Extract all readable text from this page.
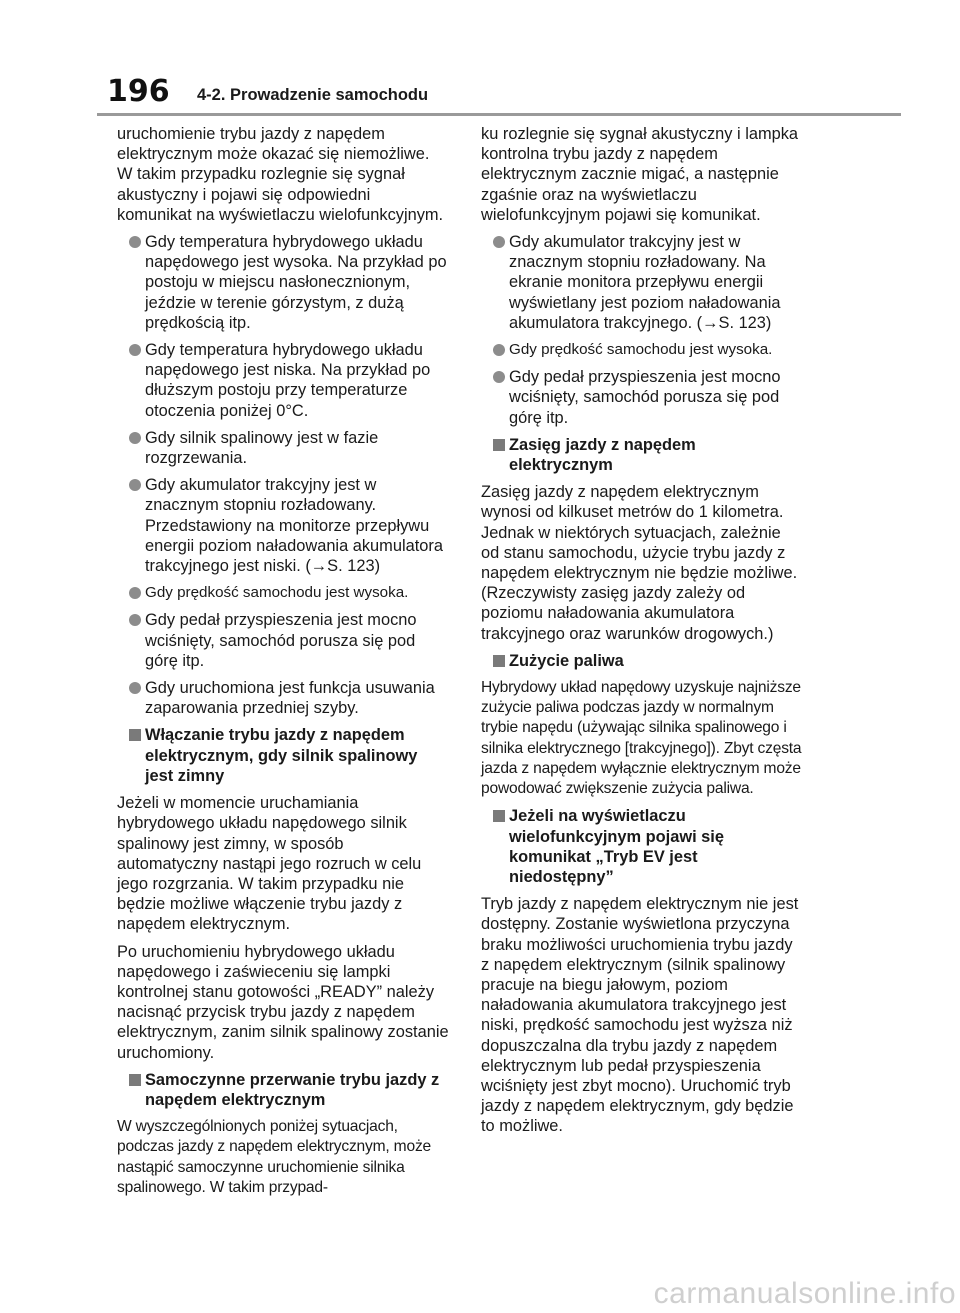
196 4-2. Prowadzenie samochodu

uruchomienie trybu jazdy z napędem elektrycznym może okazać się niemożliwe. W takim przypadku rozlegnie się sygnał akustyczny i pojawi się odpowiedni komunikat na wyświetlaczu wielofunkcyjnym.

Gdy temperatura hybrydowego układu napędowego jest wysoka. Na przykład po postoju w miejscu nasłonecznionym, jeździe w terenie górzystym, z dużą prędkością itp.
Gdy temperatura hybrydowego układu napędowego jest niska. Na przykład po dłuższym postoju przy temperaturze otoczenia poniżej 0°C.
Gdy silnik spalinowy jest w fazie rozgrzewania.
Gdy akumulator trakcyjny jest w znacznym stopniu rozładowany. Przedstawiony na monitorze przepływu energii poziom naładowania akumulatora trakcyjnego jest niski. (→S. 123)
Gdy prędkość samochodu jest wysoka.
Gdy pedał przyspieszenia jest mocno wciśnięty, samochód porusza się pod górę itp.
Gdy uruchomiona jest funkcja usuwania zaparowania przedniej szyby.
Włączanie trybu jazdy z napędem elektrycznym, gdy silnik spalinowy jest zimny

Jeżeli w momencie uruchamiania hybrydowego układu napędowego silnik spalinowy jest zimny, w sposób automatyczny nastąpi jego rozruch w celu jego rozgrzania. W takim przypadku nie będzie możliwe włączenie trybu jazdy z napędem elektrycznym.

Po uruchomieniu hybrydowego układu napędowego i zaświeceniu się lampki kontrolnej stanu gotowości „READY” należy nacisnąć przycisk trybu jazdy z napędem elektrycznym, zanim silnik spalinowy zostanie uruchomiony.

Samoczynne przerwanie trybu jazdy z napędem elektrycznym

W wyszczególnionych poniżej sytuacjach, podczas jazdy z napędem elektrycznym, może nastąpić samoczynne uruchomienie silnika spalinowego. W takim przypad-

ku rozlegnie się sygnał akustyczny i lampka kontrolna trybu jazdy z napędem elektrycznym zacznie migać, a następnie zgaśnie oraz na wyświetlaczu wielofunkcyjnym pojawi się komunikat.

Gdy akumulator trakcyjny jest w znacznym stopniu rozładowany. Na ekranie monitora przepływu energii wyświetlany jest poziom naładowania akumulatora trakcyjnego. (→S. 123)
Gdy prędkość samochodu jest wysoka.
Gdy pedał przyspieszenia jest mocno wciśnięty, samochód porusza się pod górę itp.
Zasięg jazdy z napędem elektrycznym

Zasięg jazdy z napędem elektrycznym wynosi od kilkuset metrów do 1 kilometra. Jednak w niektórych sytuacjach, zależnie od stanu samochodu, użycie trybu jazdy z napędem elektrycznym nie będzie możliwe. (Rzeczywisty zasięg jazdy zależy od poziomu naładowania akumulatora trakcyjnego oraz warunków drogowych.)

Zużycie paliwa

Hybrydowy układ napędowy uzyskuje najniższe zużycie paliwa podczas jazdy w normalnym trybie napędu (używając silnika spalinowego i silnika elektrycznego [trakcyjnego]). Zbyt częsta jazda z napędem wyłącznie elektrycznym może powodować zwiększenie zużycia paliwa.

Jeżeli na wyświetlaczu wielofunkcyjnym pojawi się komunikat „Tryb EV jest niedostępny”

Tryb jazdy z napędem elektrycznym nie jest dostępny. Zostanie wyświetlona przyczyna braku możliwości uruchomienia trybu jazdy z napędem elektrycznym (silnik spalinowy pracuje na biegu jałowym, poziom naładowania akumulatora trakcyjnego jest niski, prędkość samochodu jest wyższa niż dopuszczalna dla trybu jazdy z napędem elektrycznym lub pedał przyspieszenia wciśnięty jest zbyt mocno). Uruchomić tryb jazdy z napędem elektrycznym, gdy będzie to możliwe.

carmanualsonline.info
